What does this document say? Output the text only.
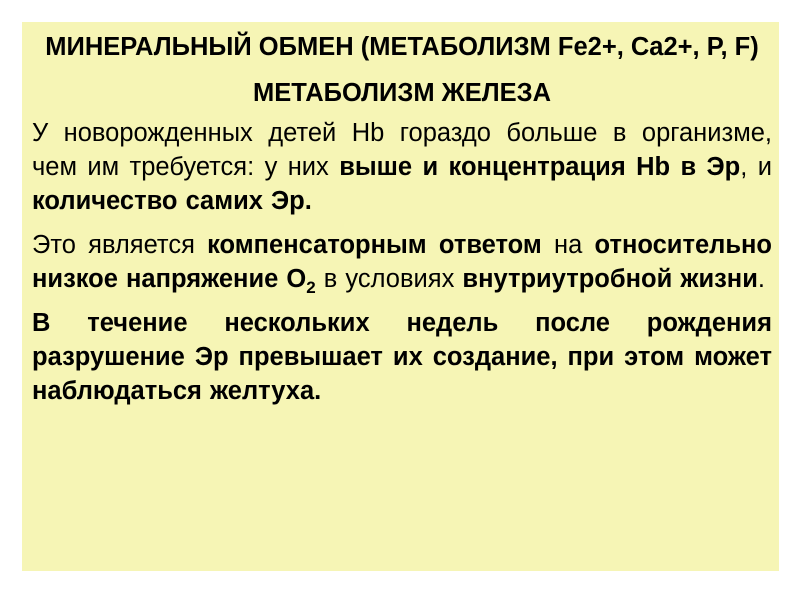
МИНЕРАЛЬНЫЙ ОБМЕН (МЕТАБОЛИЗМ Fe2+, Ca2+, P, F)

МЕТАБОЛИЗМ ЖЕЛЕЗА

У новорожденных детей Hb гораздо больше в организме, чем им требуется: у них выше и концентрация Hb в Эр, и количество самих Эр.

Это является компенсаторным ответом на относительно низкое напряжение $О_2$ в условиях внутриутробной жизни.

В течение нескольких недель после рождения разрушение Эр превышает их создание, при этом может наблюдаться желтуха.
